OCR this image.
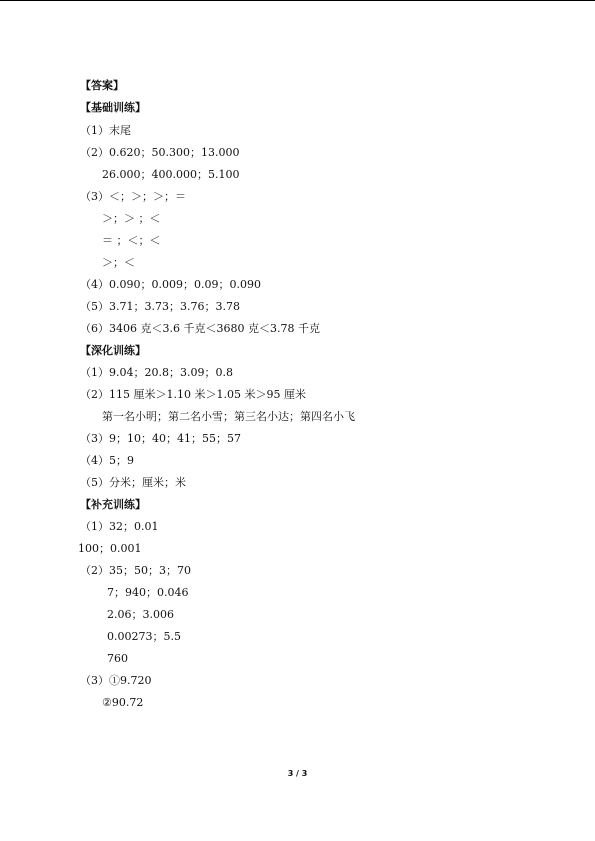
【答案】
【基础训练】
（1）末尾
（2）0.620；50.300；13.000
26.000；400.000；5.100
（3）＜；＞；＞；＝
＞；＞ ；＜
＝ ；＜；＜
＞；＜
（4）0.090；0.009；0.09；0.090
（5）3.71；3.73；3.76；3.78
（6）3406 克＜3.6 千克＜3680 克＜3.78 千克
【深化训练】
（1）9.04；20.8；3.09；0.8
（2）115 厘米＞1.10 米＞1.05 米＞95 厘米
第一名小明；第二名小雪；第三名小达；第四名小飞
（3）9；10；40；41；55；57
（4）5；9
（5）分米；厘米；米
【补充训练】
（1）32；0.01
100；0.001
（2）35；50；3；70
7；940；0.046
2.06；3.006
0.00273；5.5
760
（3）①9.720
②90.72
3 / 3
